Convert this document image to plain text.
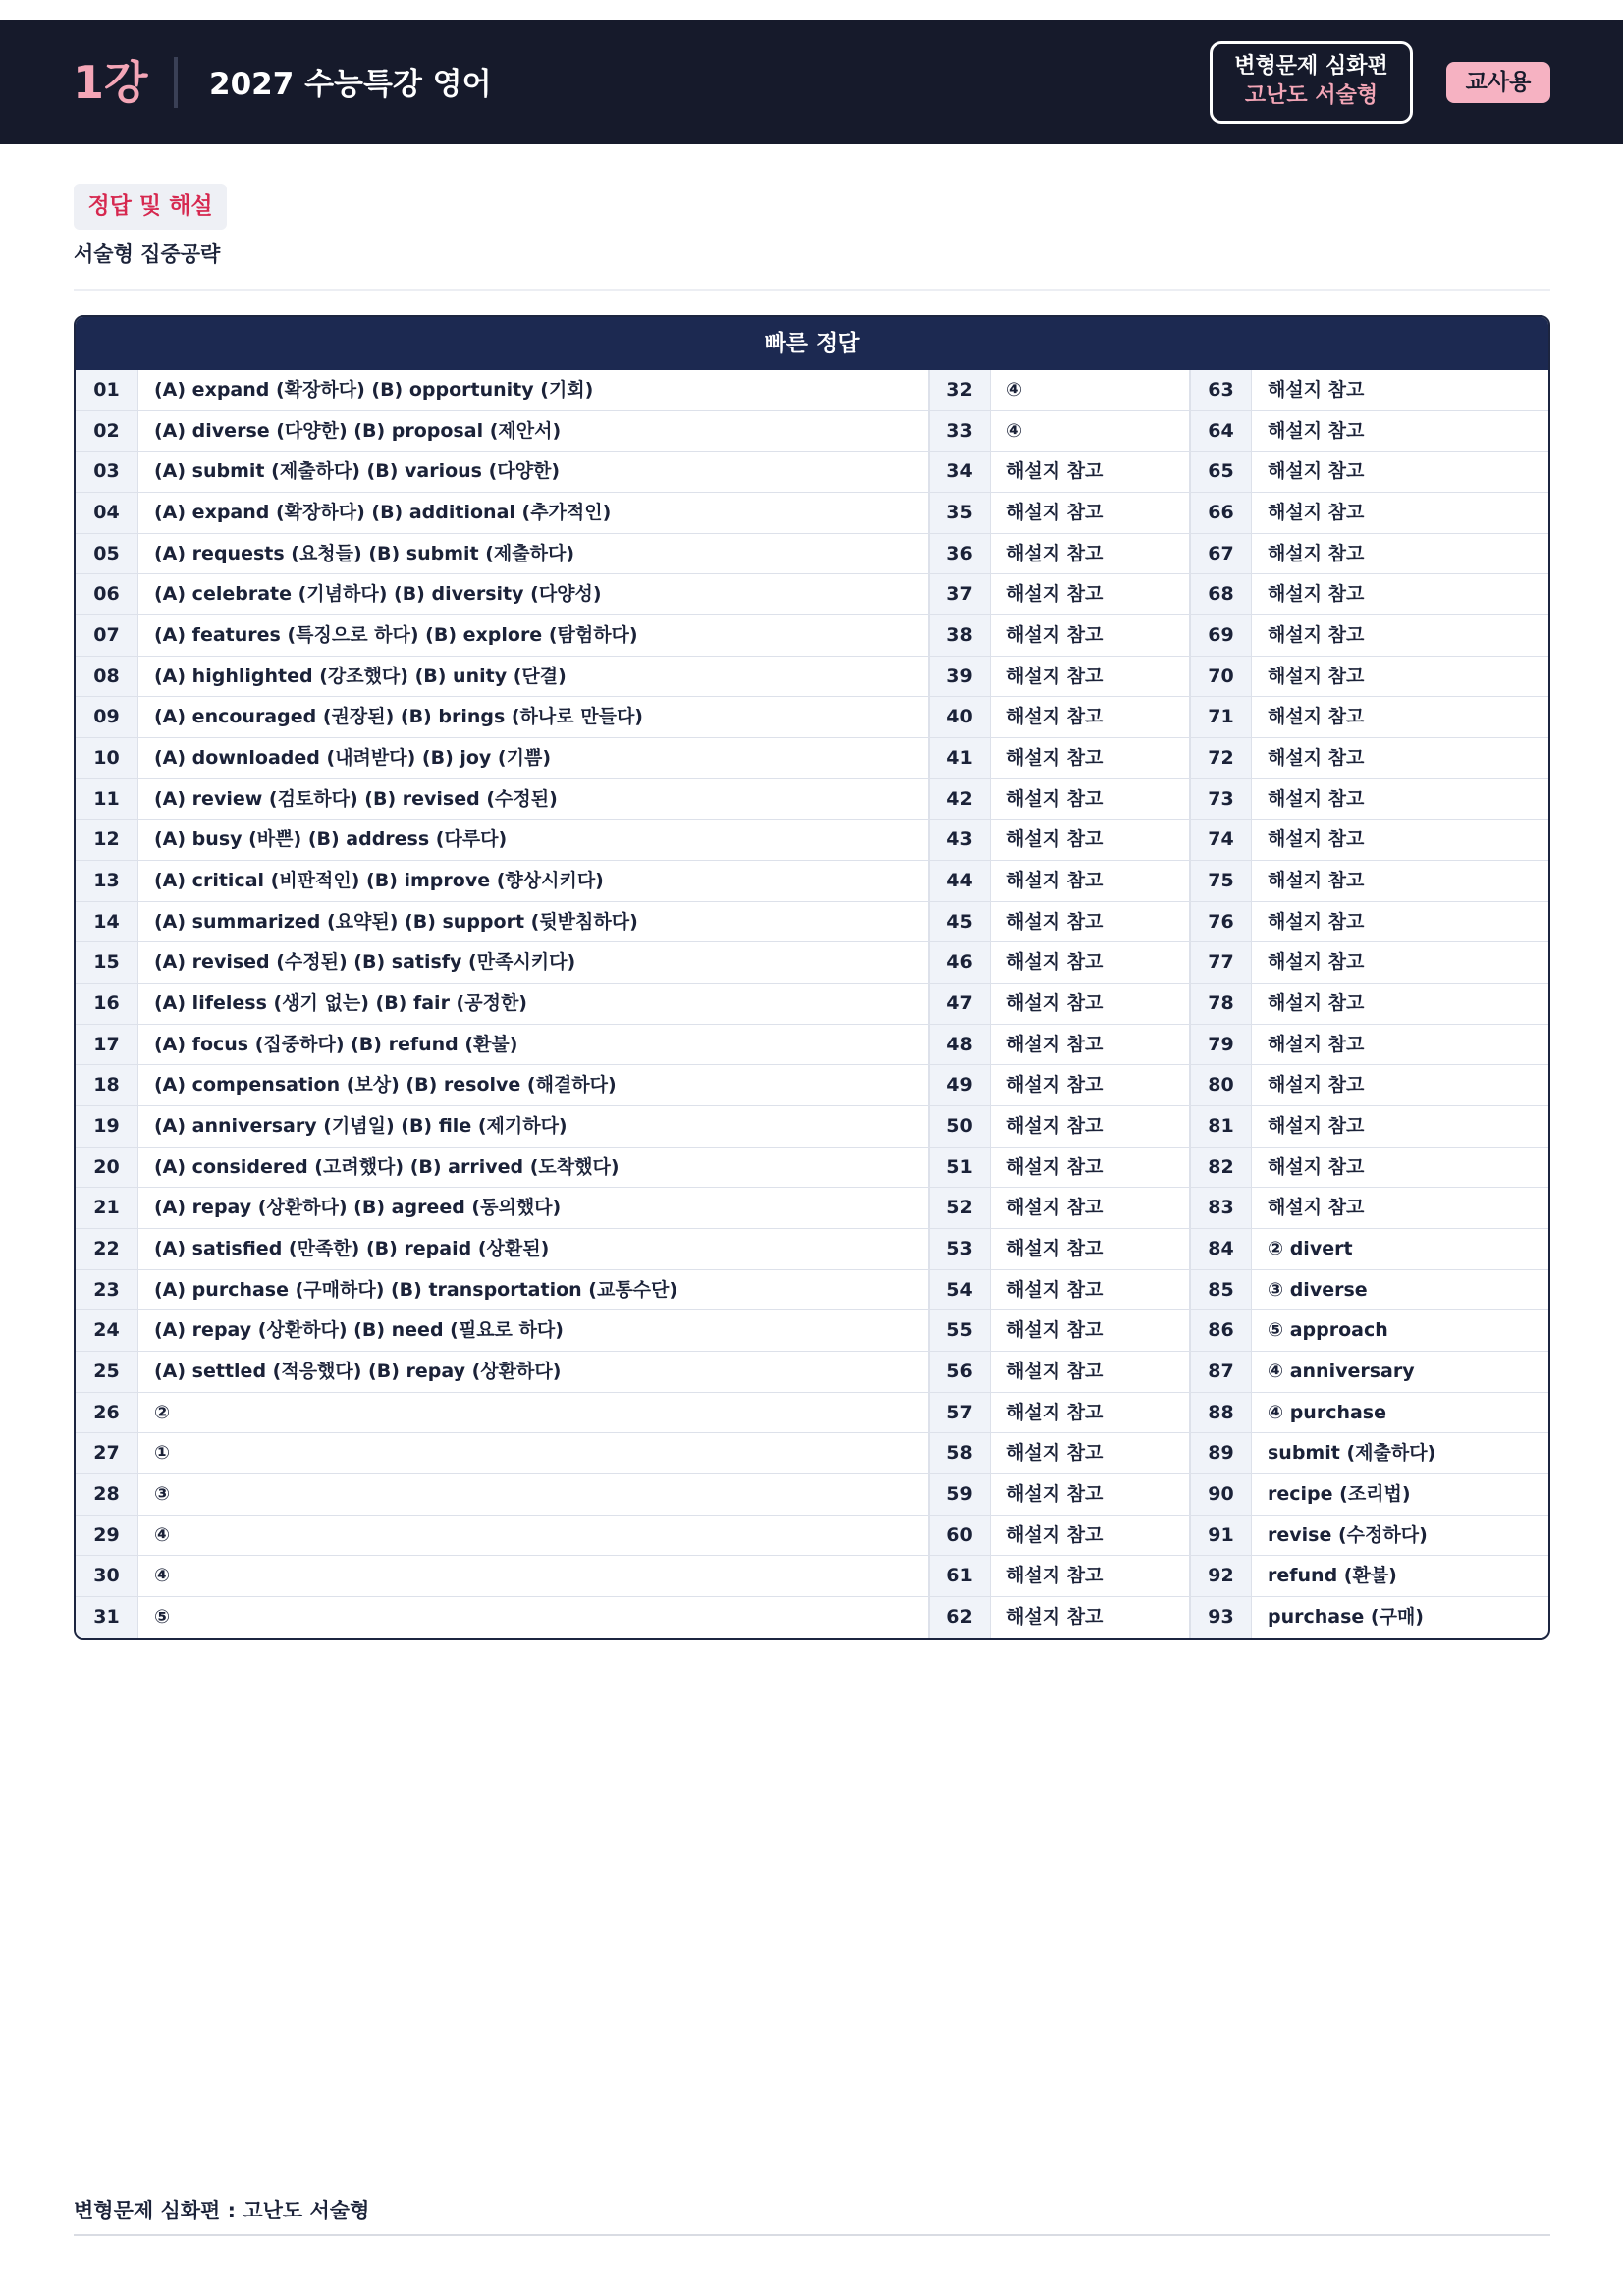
1강 2027 수능특강 영어
변형문제 심화편
고난도 서술형
교사용
정답 및 해설
서술형 집중공략
빠른 정답
01	(A) expand (확장하다) (B) opportunity (기회)	32	④	63	해설지 참고
02	(A) diverse (다양한) (B) proposal (제안서)	33	④	64	해설지 참고
03	(A) submit (제출하다) (B) various (다양한)	34	해설지 참고	65	해설지 참고
04	(A) expand (확장하다) (B) additional (추가적인)	35	해설지 참고	66	해설지 참고
05	(A) requests (요청들) (B) submit (제출하다)	36	해설지 참고	67	해설지 참고
06	(A) celebrate (기념하다) (B) diversity (다양성)	37	해설지 참고	68	해설지 참고
07	(A) features (특징으로 하다) (B) explore (탐험하다)	38	해설지 참고	69	해설지 참고
08	(A) highlighted (강조했다) (B) unity (단결)	39	해설지 참고	70	해설지 참고
09	(A) encouraged (권장된) (B) brings (하나로 만들다)	40	해설지 참고	71	해설지 참고
10	(A) downloaded (내려받다) (B) joy (기쁨)	41	해설지 참고	72	해설지 참고
11	(A) review (검토하다) (B) revised (수정된)	42	해설지 참고	73	해설지 참고
12	(A) busy (바쁜) (B) address (다루다)	43	해설지 참고	74	해설지 참고
13	(A) critical (비판적인) (B) improve (향상시키다)	44	해설지 참고	75	해설지 참고
14	(A) summarized (요약된) (B) support (뒷받침하다)	45	해설지 참고	76	해설지 참고
15	(A) revised (수정된) (B) satisfy (만족시키다)	46	해설지 참고	77	해설지 참고
16	(A) lifeless (생기 없는) (B) fair (공정한)	47	해설지 참고	78	해설지 참고
17	(A) focus (집중하다) (B) refund (환불)	48	해설지 참고	79	해설지 참고
18	(A) compensation (보상) (B) resolve (해결하다)	49	해설지 참고	80	해설지 참고
19	(A) anniversary (기념일) (B) file (제기하다)	50	해설지 참고	81	해설지 참고
20	(A) considered (고려했다) (B) arrived (도착했다)	51	해설지 참고	82	해설지 참고
21	(A) repay (상환하다) (B) agreed (동의했다)	52	해설지 참고	83	해설지 참고
22	(A) satisfied (만족한) (B) repaid (상환된)	53	해설지 참고	84	② divert
23	(A) purchase (구매하다) (B) transportation (교통수단)	54	해설지 참고	85	③ diverse
24	(A) repay (상환하다) (B) need (필요로 하다)	55	해설지 참고	86	⑤ approach
25	(A) settled (적응했다) (B) repay (상환하다)	56	해설지 참고	87	④ anniversary
26	②	57	해설지 참고	88	④ purchase
27	①	58	해설지 참고	89	submit (제출하다)
28	③	59	해설지 참고	90	recipe (조리법)
29	④	60	해설지 참고	91	revise (수정하다)
30	④	61	해설지 참고	92	refund (환불)
31	⑤	62	해설지 참고	93	purchase (구매)
변형문제 심화편 : 고난도 서술형
